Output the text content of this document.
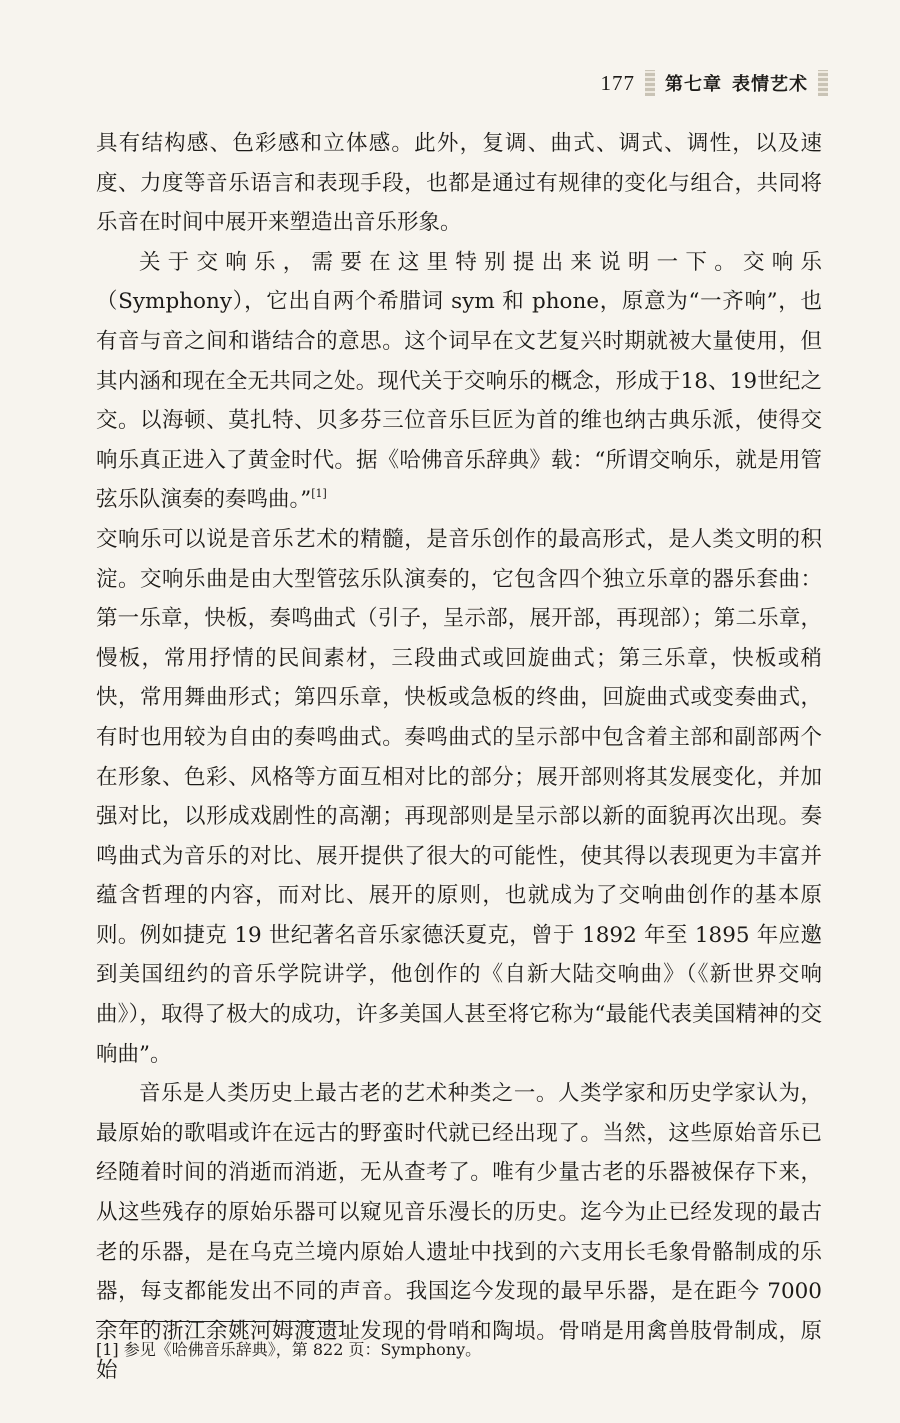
177 第七章 表情艺术

具有结构感、色彩感和立体感。此外，复调、曲式、调式、调性，以及速度、力度等音乐语言和表现手段，也都是通过有规律的变化与组合，共同将乐音在时间中展开来塑造出音乐形象。

关于交响乐，需要在这里特别提出来说明一下。交响乐（Symphony），它出自两个希腊词 sym 和 phone，原意为“一齐响”，也有音与音之间和谐结合的意思。这个词早在文艺复兴时期就被大量使用，但其内涵和现在全无共同之处。现代关于交响乐的概念，形成于18、19世纪之交。以海顿、莫扎特、贝多芬三位音乐巨匠为首的维也纳古典乐派，使得交响乐真正进入了黄金时代。据《哈佛音乐辞典》载：“所谓交响乐，就是用管弦乐队演奏的奏鸣曲。”[1]
交响乐可以说是音乐艺术的精髓，是音乐创作的最高形式，是人类文明的积淀。交响乐曲是由大型管弦乐队演奏的，它包含四个独立乐章的器乐套曲：第一乐章，快板，奏鸣曲式（引子，呈示部，展开部，再现部）；第二乐章，慢板，常用抒情的民间素材，三段曲式或回旋曲式；第三乐章，快板或稍快，常用舞曲形式；第四乐章，快板或急板的终曲，回旋曲式或变奏曲式，有时也用较为自由的奏鸣曲式。奏鸣曲式的呈示部中包含着主部和副部两个在形象、色彩、风格等方面互相对比的部分；展开部则将其发展变化，并加强对比，以形成戏剧性的高潮；再现部则是呈示部以新的面貌再次出现。奏鸣曲式为音乐的对比、展开提供了很大的可能性，使其得以表现更为丰富并蕴含哲理的内容，而对比、展开的原则，也就成为了交响曲创作的基本原则。例如捷克 19 世纪著名音乐家德沃夏克，曾于 1892 年至 1895 年应邀到美国纽约的音乐学院讲学，他创作的《自新大陆交响曲》（《新世界交响曲》），取得了极大的成功，许多美国人甚至将它称为“最能代表美国精神的交响曲”。

音乐是人类历史上最古老的艺术种类之一。人类学家和历史学家认为，最原始的歌唱或许在远古的野蛮时代就已经出现了。当然，这些原始音乐已经随着时间的消逝而消逝，无从查考了。唯有少量古老的乐器被保存下来，从这些残存的原始乐器可以窥见音乐漫长的历史。迄今为止已经发现的最古老的乐器，是在乌克兰境内原始人遗址中找到的六支用长毛象骨骼制成的乐器，每支都能发出不同的声音。我国迄今发现的最早乐器，是在距今 7000 余年的浙江余姚河姆渡遗址发现的骨哨和陶埙。骨哨是用禽兽肢骨制成，原始

[1] 参见《哈佛音乐辞典》，第 822 页：Symphony。
